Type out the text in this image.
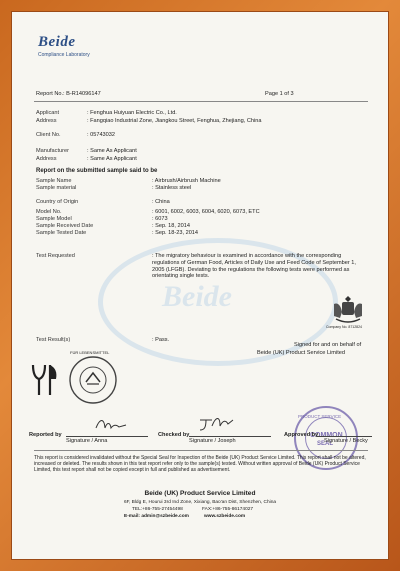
Beide
Beide
Compliance Laboratory
Report No.: B-R14096147	Page 1 of 3
Applicant	: Fenghua Huiyuan Electric Co., Ltd.
Address	: Fangqiao Industrial Zone, Jiangkou Street, Fenghua, Zhejiang, China
Client No.	: 05743032
Manufacturer	: Same As Applicant
Address	: Same As Applicant
Report on the submitted sample said to be
Sample Name	: Airbrush/Airbrush Machine
Sample material	: Stainless steel
Country of Origin	: China
Model No.	: 6001, 6002, 6003, 6004, 6020, 6073, ETC
Sample Model	: 6073
Sample Received Date	: Sep. 18, 2014
Sample Tested Date	: Sep. 18-23, 2014
Test Requested	: The migratory behaviour is examined in accordance with the corresponding regulations of German Food, Articles of Daily Use and Feed Code of September 1, 2005 (LFGB). Deviating to the regulations the following tests were performed as orientating single tests.
Company No. 8712824
Test Result(s)	: Pass.
Signed for and on behalf of
Beide (UK) Product Service Limited
FÜR LEBENSMITTEL
PRODUCT SERVICE
COMMON
SEAL
Reported by
Signature / Anna
Checked by
Signature / Joseph
Approved by
Signature / Becky
This report is considered invalidated without the Special Seal for Inspection of the Beide (UK) Product Service Limited. This report shall not be altered, increased or deleted. The results shown in this test report refer only to the sample(s) tested. Without written approval of Beide (UK) Product Service Limited, this test report shall not be copied except in full and published as advertisement.
Beide (UK) Product Service Limited
6F, Bldg E, Hourui 3rd Ind Zone, Xixiang, Bao'an Dist, Shenzhen, China
TEL:+86-755-27454498	FAX:+86-755-86174027
E-mail: admin@szbeide.com	www.szbeide.com
